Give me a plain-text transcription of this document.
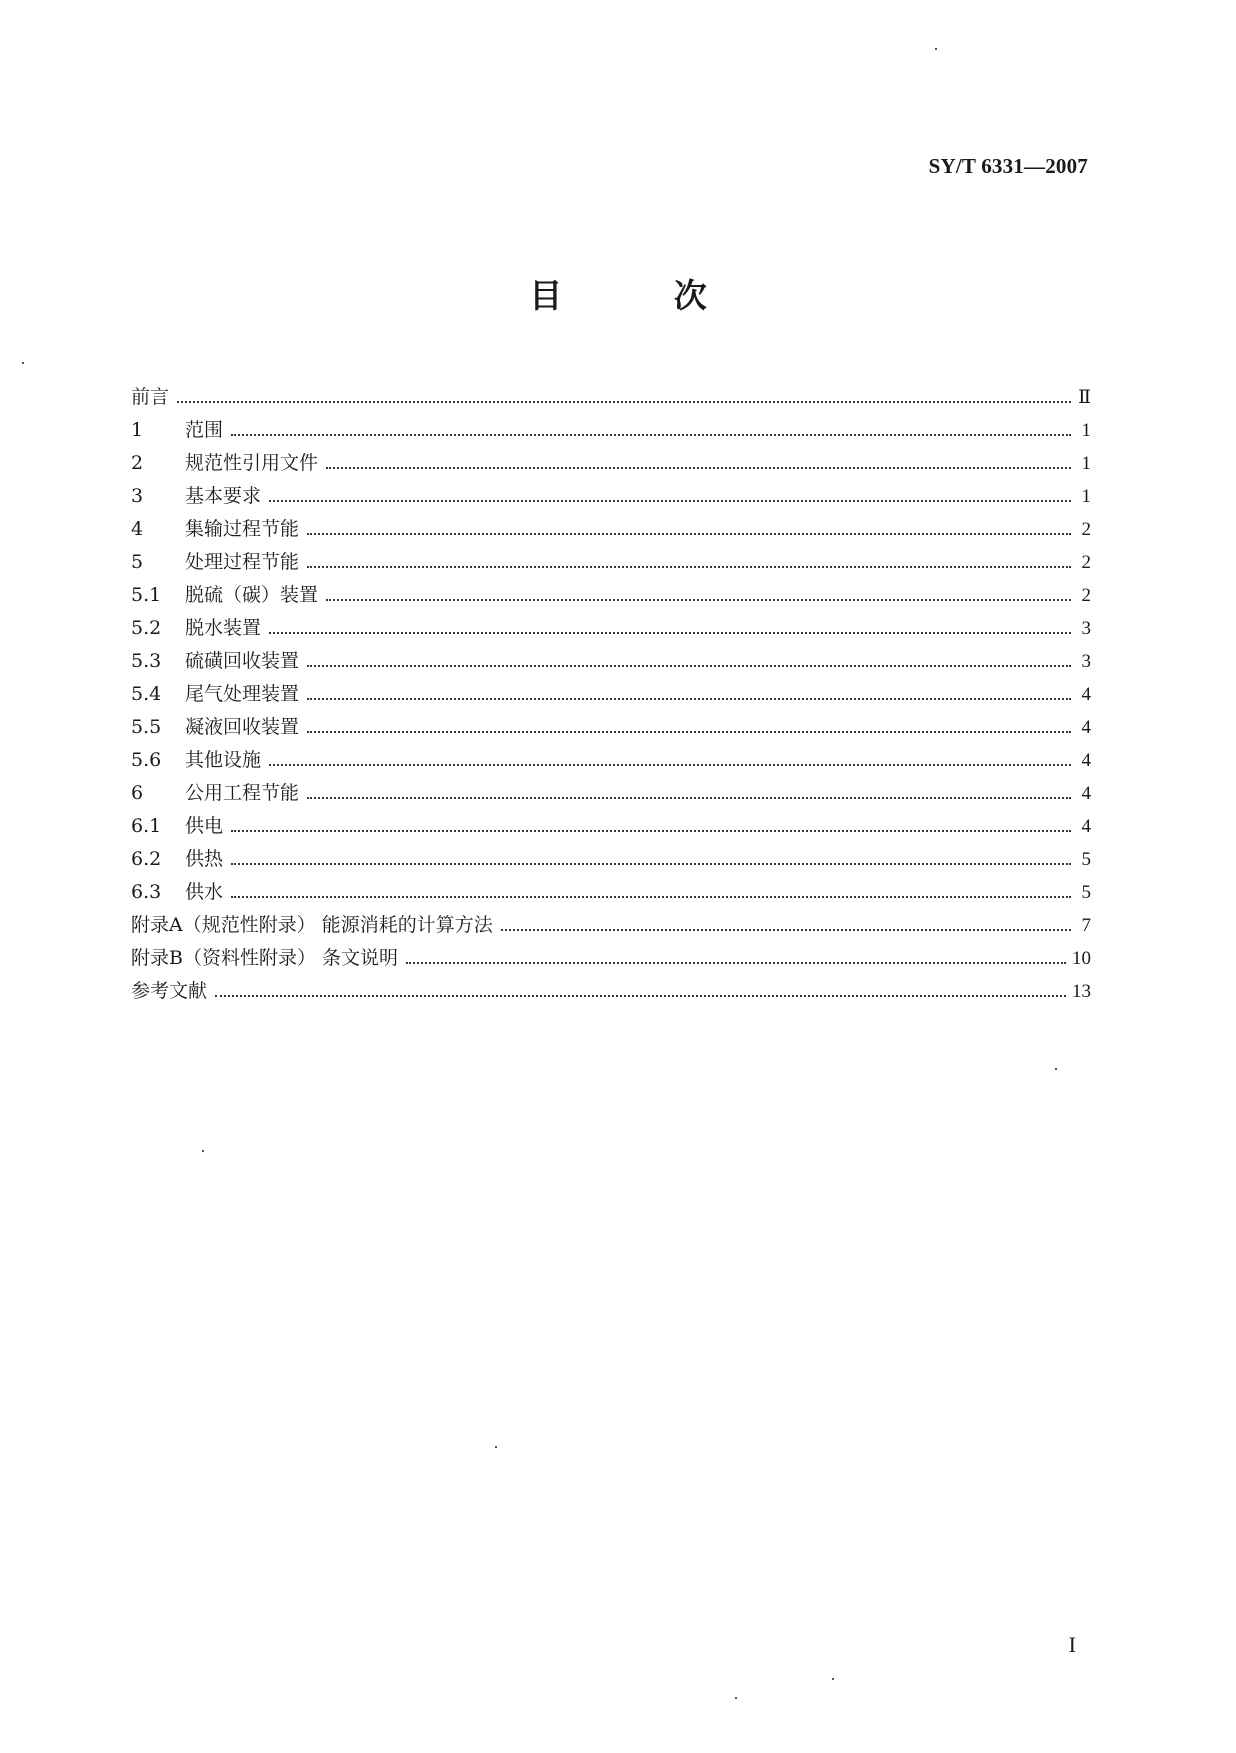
SY/T 6331—2007
目 次
前言	Ⅱ
1 范围	1
2 规范性引用文件	1
3 基本要求	1
4 集输过程节能	2
5 处理过程节能	2
5.1 脱硫（碳）装置	2
5.2 脱水装置	3
5.3 硫磺回收装置	3
5.4 尾气处理装置	4
5.5 凝液回收装置	4
5.6 其他设施	4
6 公用工程节能	4
6.1 供电	4
6.2 供热	5
6.3 供水	5
附录A（规范性附录） 能源消耗的计算方法	7
附录B（资料性附录） 条文说明	10
参考文献	13
I
